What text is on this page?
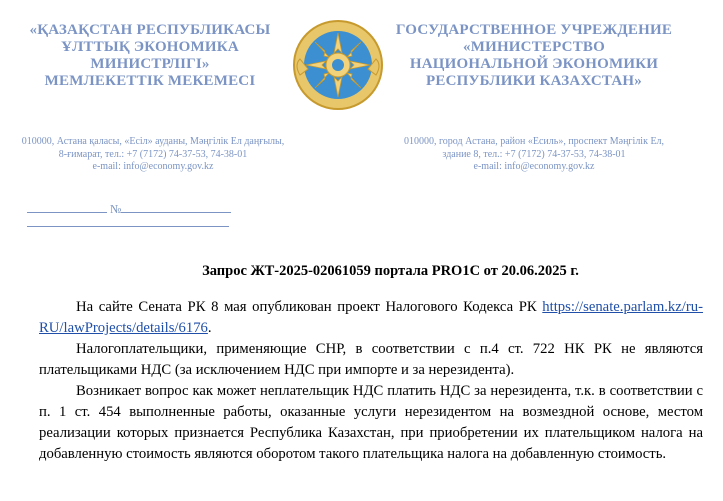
«ҚАЗАҚСТАН РЕСПУБЛИКАСЫ
ҰЛТТЫҚ ЭКОНОМИКА
МИНИСТРЛІГІ»
МЕМЛЕКЕТТІК МЕКЕМЕСІ
ГОСУДАРСТВЕННОЕ УЧРЕЖДЕНИЕ
«МИНИСТЕРСТВО
НАЦИОНАЛЬНОЙ ЭКОНОМИКИ
РЕСПУБЛИКИ КАЗАХСТАН»
010000, Астана қаласы, «Есіл» ауданы, Мәңгілік Ел даңғылы,
8-ғимарат, тел.: +7 (7172) 74-37-53, 74-38-01
e-mail: info@economy.gov.kz
010000, город Астана, район «Есиль», проспект Мәңгілік Ел,
здание 8, тел.: +7 (7172) 74-37-53, 74-38-01
e-mail: info@economy.gov.kz
№
Запрос ЖТ-2025-02061059 портала PRO1C от 20.06.2025 г.

На сайте Сената РК 8 мая опубликован проект Налогового Кодекса РК https://senate.parlam.kz/ru-RU/lawProjects/details/6176.

Налогоплательщики, применяющие СНР, в соответствии с п.4 ст. 722 НК РК не являются плательщиками НДС (за исключением НДС при импорте и за нерезидента).

Возникает вопрос как может неплательщик НДС платить НДС за нерезидента, т.к. в соответствии с п. 1 ст. 454 выполненные работы, оказанные услуги нерезидентом на возмездной основе, местом реализации которых признается Республика Казахстан, при приобретении их плательщиком налога на добавленную стоимость являются оборотом такого плательщика налога на добавленную стоимость.
